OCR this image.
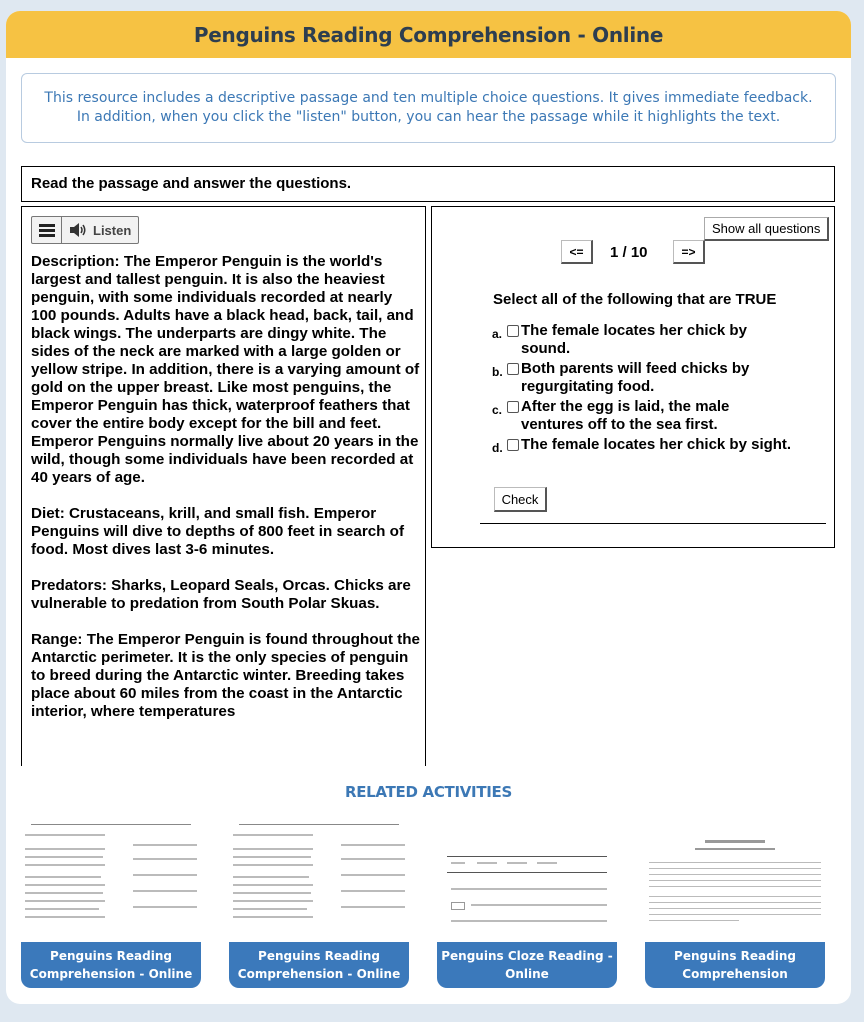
Penguins Reading Comprehension - Online

This resource includes a descriptive passage and ten multiple choice questions. It gives immediate feedback. In addition, when you click the "listen" button, you can hear the passage while it highlights the text.

Read the passage and answer the questions.
Listen

Description: The Emperor Penguin is the world's largest and tallest penguin. It is also the heaviest penguin, with some individuals recorded at nearly 100 pounds. Adults have a black head, back, tail, and black wings. The underparts are dingy white. The sides of the neck are marked with a large golden or yellow stripe. In addition, there is a varying amount of gold on the upper breast. Like most penguins, the Emperor Penguin has thick, waterproof feathers that cover the entire body except for the bill and feet. Emperor Penguins normally live about 20 years in the wild, though some individuals have been recorded at 40 years of age.

Diet: Crustaceans, krill, and small fish. Emperor Penguins will dive to depths of 800 feet in search of food. Most dives last 3-6 minutes.

Predators: Sharks, Leopard Seals, Orcas. Chicks are vulnerable to predation from South Polar Skuas.

Range: The Emperor Penguin is found throughout the Antarctic perimeter. It is the only species of penguin to breed during the Antarctic winter. Breeding takes place about 60 miles from the coast in the Antarctic interior, where temperatures

Show all questions
<=	1 / 10	=>
Select all of the following that are TRUE
a.	The female locates her chick by sound.
b. Both parents will feed chicks by regurgitating food.
c.	After the egg is laid, the male ventures off to the sea first.
d. The female locates her chick by sight.
Check
RELATED ACTIVITIES
Penguins Reading Comprehension - Online
Penguins Reading Comprehension - Online
Penguins Cloze Reading - Online
Penguins Reading Comprehension
